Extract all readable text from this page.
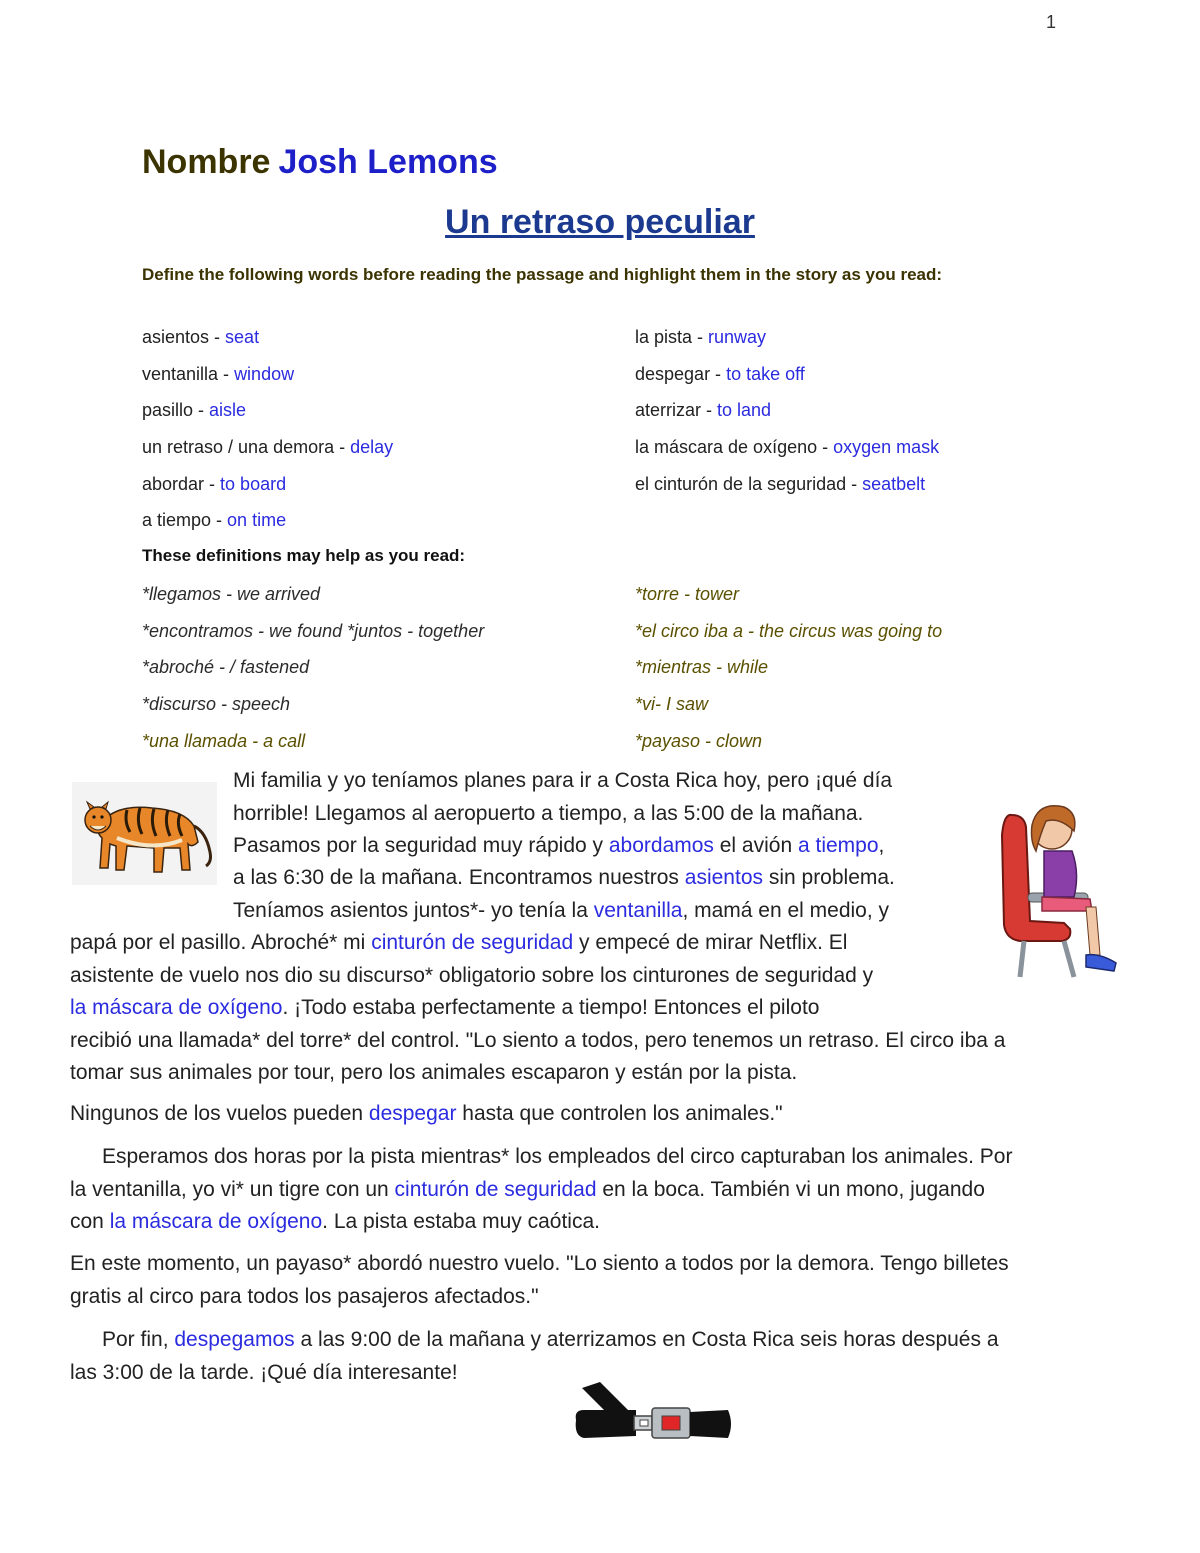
1
Nombre Josh Lemons
Un retraso peculiar
Define the following words before reading the passage and highlight them in the story as you read:
asientos - seat
ventanilla - window
pasillo - aisle
un retraso / una demora - delay
abordar - to board
a tiempo - on time
la pista - runway
despegar - to take off
aterrizar - to land
la máscara de oxígeno - oxygen mask
el cinturón de la seguridad - seatbelt
These definitions may help as you read:
*llegamos - we arrived
*encontramos - we found *juntos - together
*abroché - / fastened
*discurso - speech
*una llamada - a call
*torre - tower
*el circo iba a - the circus was going to
*mientras - while
*vi- I saw
*payaso - clown
Mi familia y yo teníamos planes para ir a Costa Rica hoy, pero ¡qué día
horrible! Llegamos al aeropuerto a tiempo, a las 5:00 de la mañana.
Pasamos por la seguridad muy rápido y abordamos el avión a tiempo,
a las 6:30 de la mañana. Encontramos nuestros asientos sin problema.
Teníamos asientos juntos*- yo tenía la ventanilla, mamá en el medio, y
papá por el pasillo. Abroché* mi cinturón de seguridad y empecé de mirar Netflix. El
asistente de vuelo nos dio su discurso* obligatorio sobre los cinturones de seguridad y
la máscara de oxígeno. ¡Todo estaba perfectamente a tiempo! Entonces el piloto
recibió una llamada* del torre* del control. "Lo siento a todos, pero tenemos un retraso. El circo iba a
tomar sus animales por tour, pero los animales escaparon y están por la pista.
Ningunos de los vuelos pueden despegar hasta que controlen los animales."
Esperamos dos horas por la pista mientras* los empleados del circo capturaban los animales. Por
la ventanilla, yo vi* un tigre con un cinturón de seguridad en la boca. También vi un mono, jugando
con la máscara de oxígeno. La pista estaba muy caótica.
En este momento, un payaso* abordó nuestro vuelo. "Lo siento a todos por la demora. Tengo billetes
gratis al circo para todos los pasajeros afectados."
Por fin, despegamos a las 9:00 de la mañana y aterrizamos en Costa Rica seis horas después a
las 3:00 de la tarde. ¡Qué día interesante!
